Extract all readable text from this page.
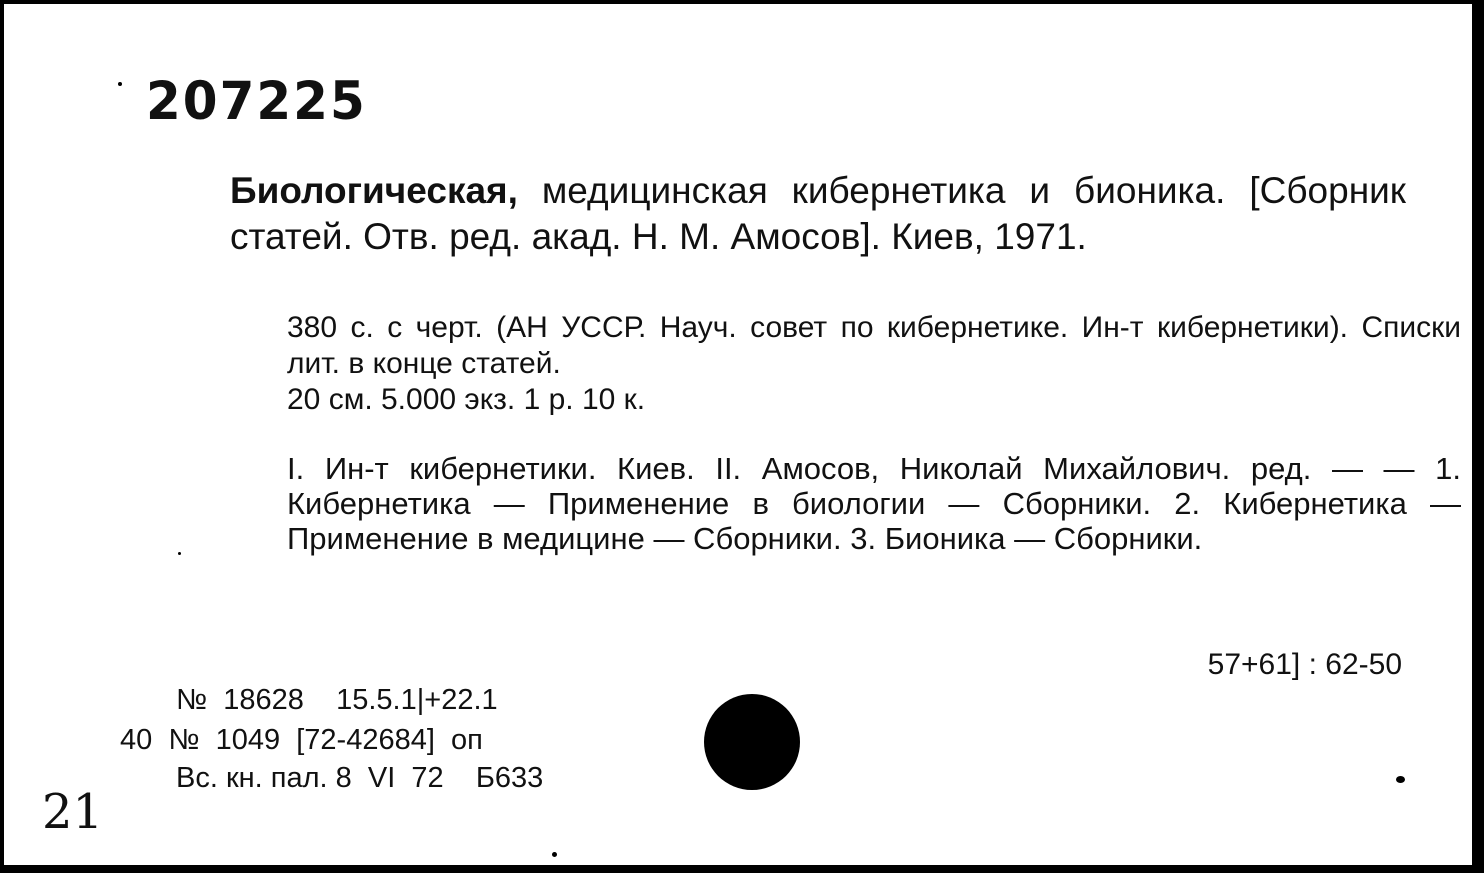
207225
Биологическая, медицинская кибернетика и бионика. [Сборник статей. Отв. ред. акад. Н. М. Амосов]. Киев, 1971.
380 с. с черт. (АН УССР. Науч. совет по кибернетике. Ин-т кибернетики). Списки лит. в конце статей.
20 см. 5.000 экз. 1 р. 10 к.
I. Ин-т кибернетики. Киев. II. Амосов, Николай Михайлович. ред. — — 1. Кибернетика — Применение в биологии — Сборники. 2. Кибернетика — Применение в медицине — Сборники. 3. Бионика — Сборники.
57+61] : 62-50
№  18628    15.5.1|+22.1
40  №  1049  [72-42684]  оп
Вс. кн. пал. 8  VI  72    Б633
21
